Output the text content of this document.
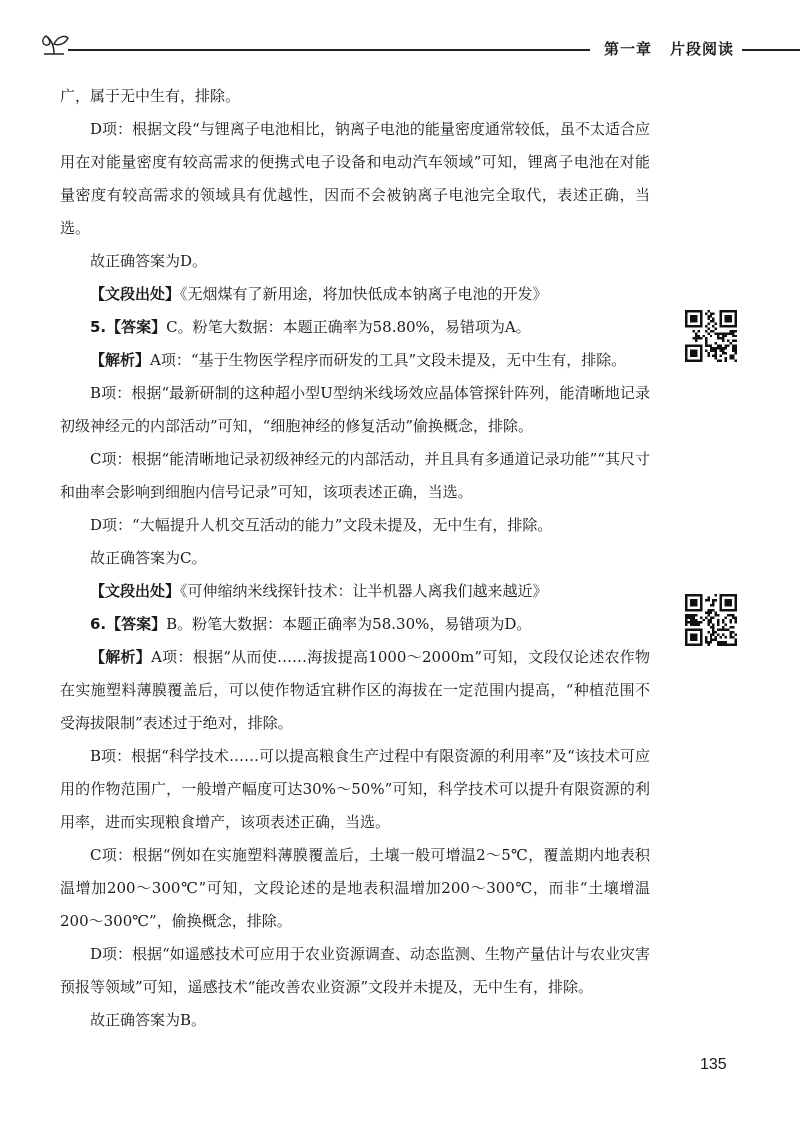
第一章 片段阅读

广，属于无中生有，排除。

D项：根据文段“与锂离子电池相比，钠离子电池的能量密度通常较低，虽不太适合应用在对能量密度有较高需求的便携式电子设备和电动汽车领域”可知，锂离子电池在对能量密度有较高需求的领域具有优越性，因而不会被钠离子电池完全取代，表述正确，当选。

故正确答案为D。

【文段出处】《无烟煤有了新用途，将加快低成本钠离子电池的开发》

5.【答案】C。粉笔大数据：本题正确率为58.80%，易错项为A。

【解析】A项：“基于生物医学程序而研发的工具”文段未提及，无中生有，排除。

B项：根据“最新研制的这种超小型U型纳米线场效应晶体管探针阵列，能清晰地记录初级神经元的内部活动”可知，“细胞神经的修复活动”偷换概念，排除。

C项：根据“能清晰地记录初级神经元的内部活动，并且具有多通道记录功能”“其尺寸和曲率会影响到细胞内信号记录”可知，该项表述正确，当选。

D项：“大幅提升人机交互活动的能力”文段未提及，无中生有，排除。

故正确答案为C。

【文段出处】《可伸缩纳米线探针技术：让半机器人离我们越来越近》

6.【答案】B。粉笔大数据：本题正确率为58.30%，易错项为D。

【解析】A项：根据“从而使……海拔提高1000～2000m”可知，文段仅论述农作物在实施塑料薄膜覆盖后，可以使作物适宜耕作区的海拔在一定范围内提高，“种植范围不受海拔限制”表述过于绝对，排除。

B项：根据“科学技术……可以提高粮食生产过程中有限资源的利用率”及“该技术可应用的作物范围广，一般增产幅度可达30%～50%”可知，科学技术可以提升有限资源的利用率，进而实现粮食增产，该项表述正确，当选。

C项：根据“例如在实施塑料薄膜覆盖后，土壤一般可增温2～5℃，覆盖期内地表积温增加200～300℃”可知，文段论述的是地表积温增加200～300℃，而非“土壤增温200～300℃”，偷换概念，排除。

D项：根据“如遥感技术可应用于农业资源调查、动态监测、生物产量估计与农业灾害预报等领域”可知，遥感技术“能改善农业资源”文段并未提及，无中生有，排除。

故正确答案为B。

135
